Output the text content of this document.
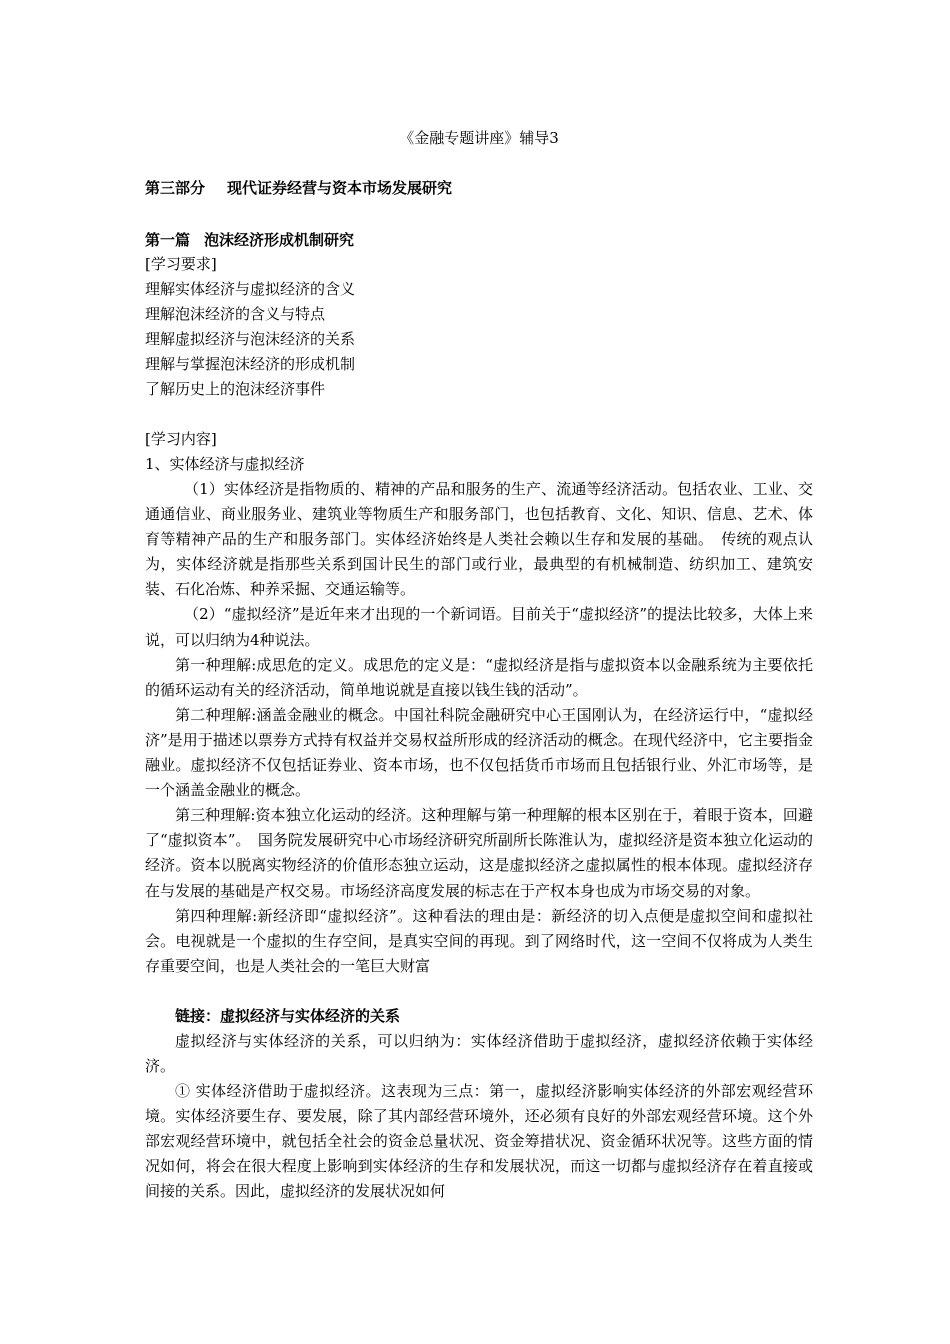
《金融专题讲座》辅导3

第三部分 现代证券经营与资本市场发展研究

第一篇 泡沫经济形成机制研究

[学习要求]

理解实体经济与虚拟经济的含义

理解泡沫经济的含义与特点

理解虚拟经济与泡沫经济的关系

理解与掌握泡沫经济的形成机制

了解历史上的泡沫经济事件

[学习内容]

1、实体经济与虚拟经济

（1）实体经济是指物质的、精神的产品和服务的生产、流通等经济活动。包括农业、工业、交通通信业、商业服务业、建筑业等物质生产和服务部门，也包括教育、文化、知识、信息、艺术、体育等精神产品的生产和服务部门。实体经济始终是人类社会赖以生存和发展的基础。　传统的观点认为，实体经济就是指那些关系到国计民生的部门或行业，最典型的有机械制造、纺织加工、建筑安装、石化冶炼、种养采掘、交通运输等。

（2）“虚拟经济”是近年来才出现的一个新词语。目前关于“虚拟经济”的提法比较多，大体上来说，可以归纳为4种说法。

第一种理解:成思危的定义。成思危的定义是：“虚拟经济是指与虚拟资本以金融系统为主要依托的循环运动有关的经济活动，简单地说就是直接以钱生钱的活动”。

第二种理解:涵盖金融业的概念。中国社科院金融研究中心王国刚认为，在经济运行中，“虚拟经济”是用于描述以票券方式持有权益并交易权益所形成的经济活动的概念。在现代经济中，它主要指金融业。虚拟经济不仅包括证券业、资本市场，也不仅包括货币市场而且包括银行业、外汇市场等，是一个涵盖金融业的概念。

第三种理解:资本独立化运动的经济。这种理解与第一种理解的根本区别在于，着眼于资本，回避了“虚拟资本”。　国务院发展研究中心市场经济研究所副所长陈淮认为，虚拟经济是资本独立化运动的经济。资本以脱离实物经济的价值形态独立运动，这是虚拟经济之虚拟属性的根本体现。虚拟经济存在与发展的基础是产权交易。市场经济高度发展的标志在于产权本身也成为市场交易的对象。

第四种理解:新经济即“虚拟经济”。这种看法的理由是：新经济的切入点便是虚拟空间和虚拟社会。电视就是一个虚拟的生存空间，是真实空间的再现。到了网络时代，这一空间不仅将成为人类生存重要空间，也是人类社会的一笔巨大财富

链接：虚拟经济与实体经济的关系

虚拟经济与实体经济的关系，可以归纳为：实体经济借助于虚拟经济，虚拟经济依赖于实体经济。

① 实体经济借助于虚拟经济。这表现为三点：第一，虚拟经济影响实体经济的外部宏观经营环境。实体经济要生存、要发展，除了其内部经营环境外，还必须有良好的外部宏观经营环境。这个外部宏观经营环境中，就包括全社会的资金总量状况、资金筹措状况、资金循环状况等。这些方面的情况如何，将会在很大程度上影响到实体经济的生存和发展状况，而这一切都与虚拟经济存在着直接或间接的关系。因此，虚拟经济的发展状况如何
